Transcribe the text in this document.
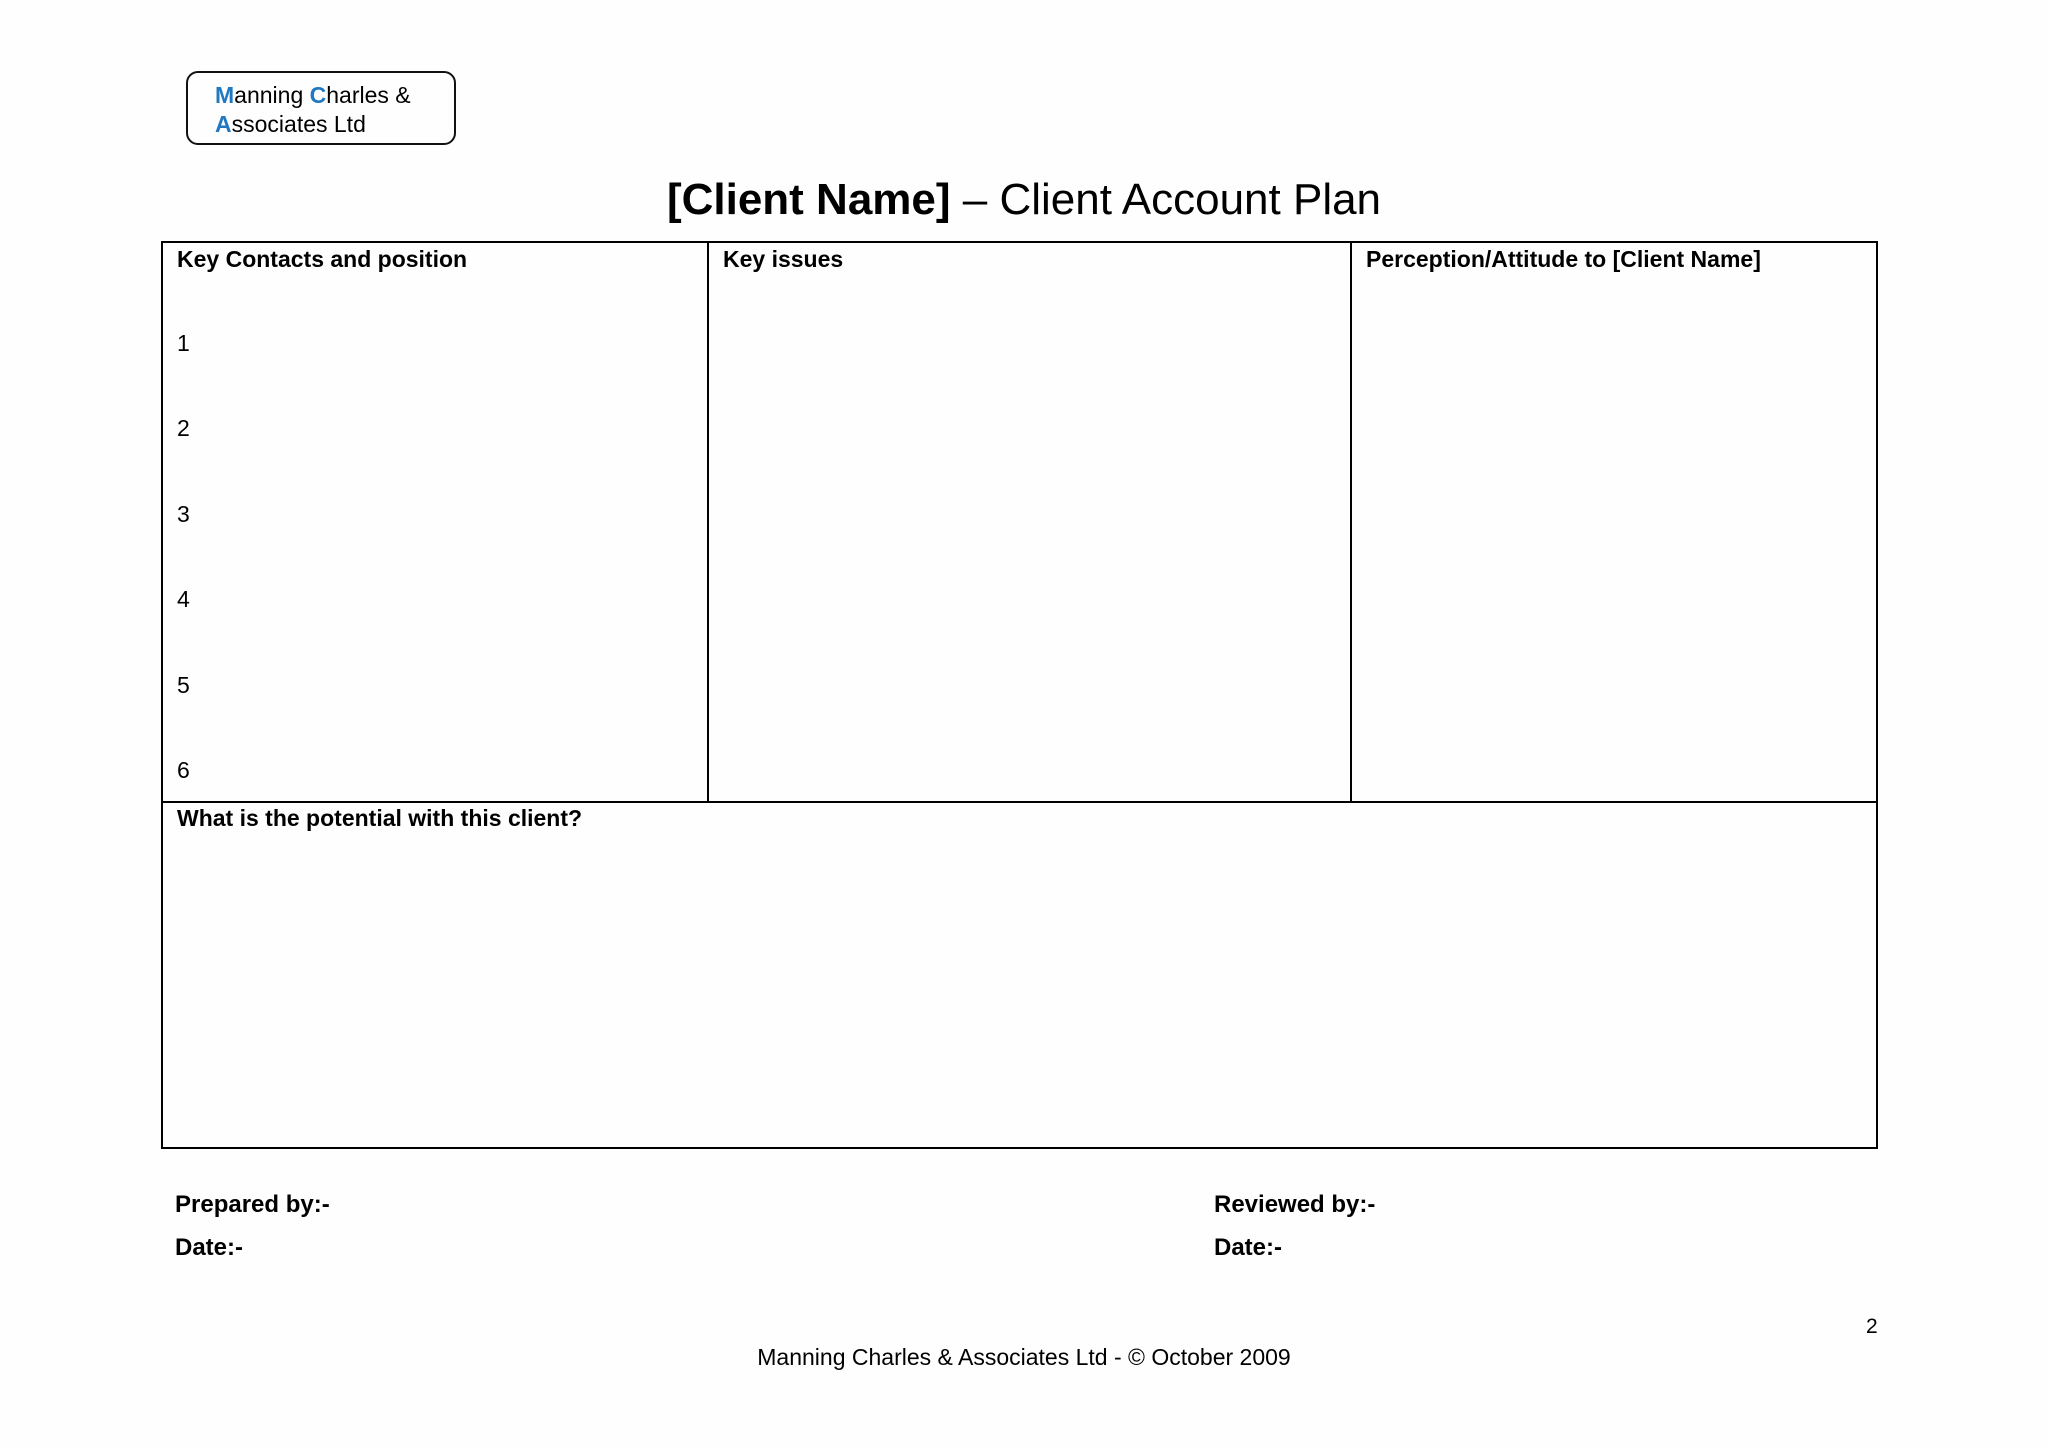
Manning Charles &
Associates Ltd
[Client Name] – Client Account Plan
Key Contacts and position	Key issues	Perception/Attitude to [Client Name]
1
2
3
4
5
6
What is the potential with this client?
Prepared by:-
Date:-
Reviewed by:-
Date:-
2
Manning Charles & Associates Ltd - © October 2009
